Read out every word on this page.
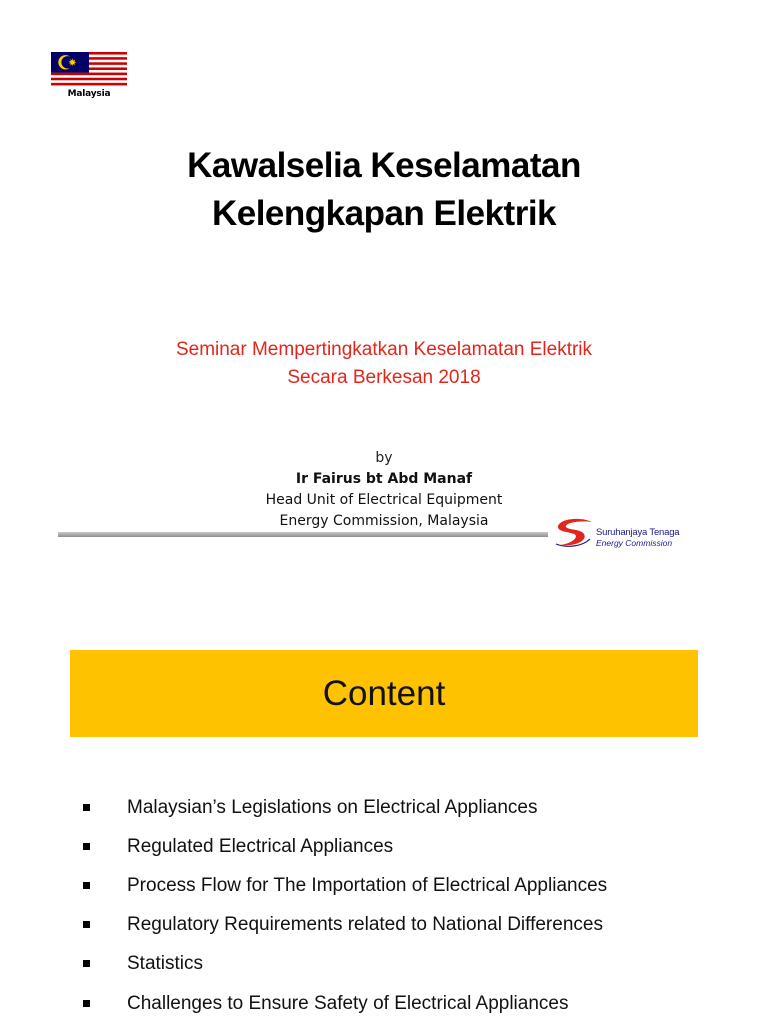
Malaysia
Kawalselia Keselamatan
Kelengkapan Elektrik
Seminar Mempertingkatkan Keselamatan Elektrik
Secara Berkesan 2018
by
Ir Fairus bt Abd Manaf
Head Unit of Electrical Equipment
Energy Commission, Malaysia
Suruhanjaya Tenaga
Energy Commission
Content
Malaysian’s Legislations on Electrical Appliances
Regulated Electrical Appliances
Process Flow for The Importation of Electrical Appliances
Regulatory Requirements related to National Differences
Statistics
Challenges to Ensure Safety of Electrical Appliances
